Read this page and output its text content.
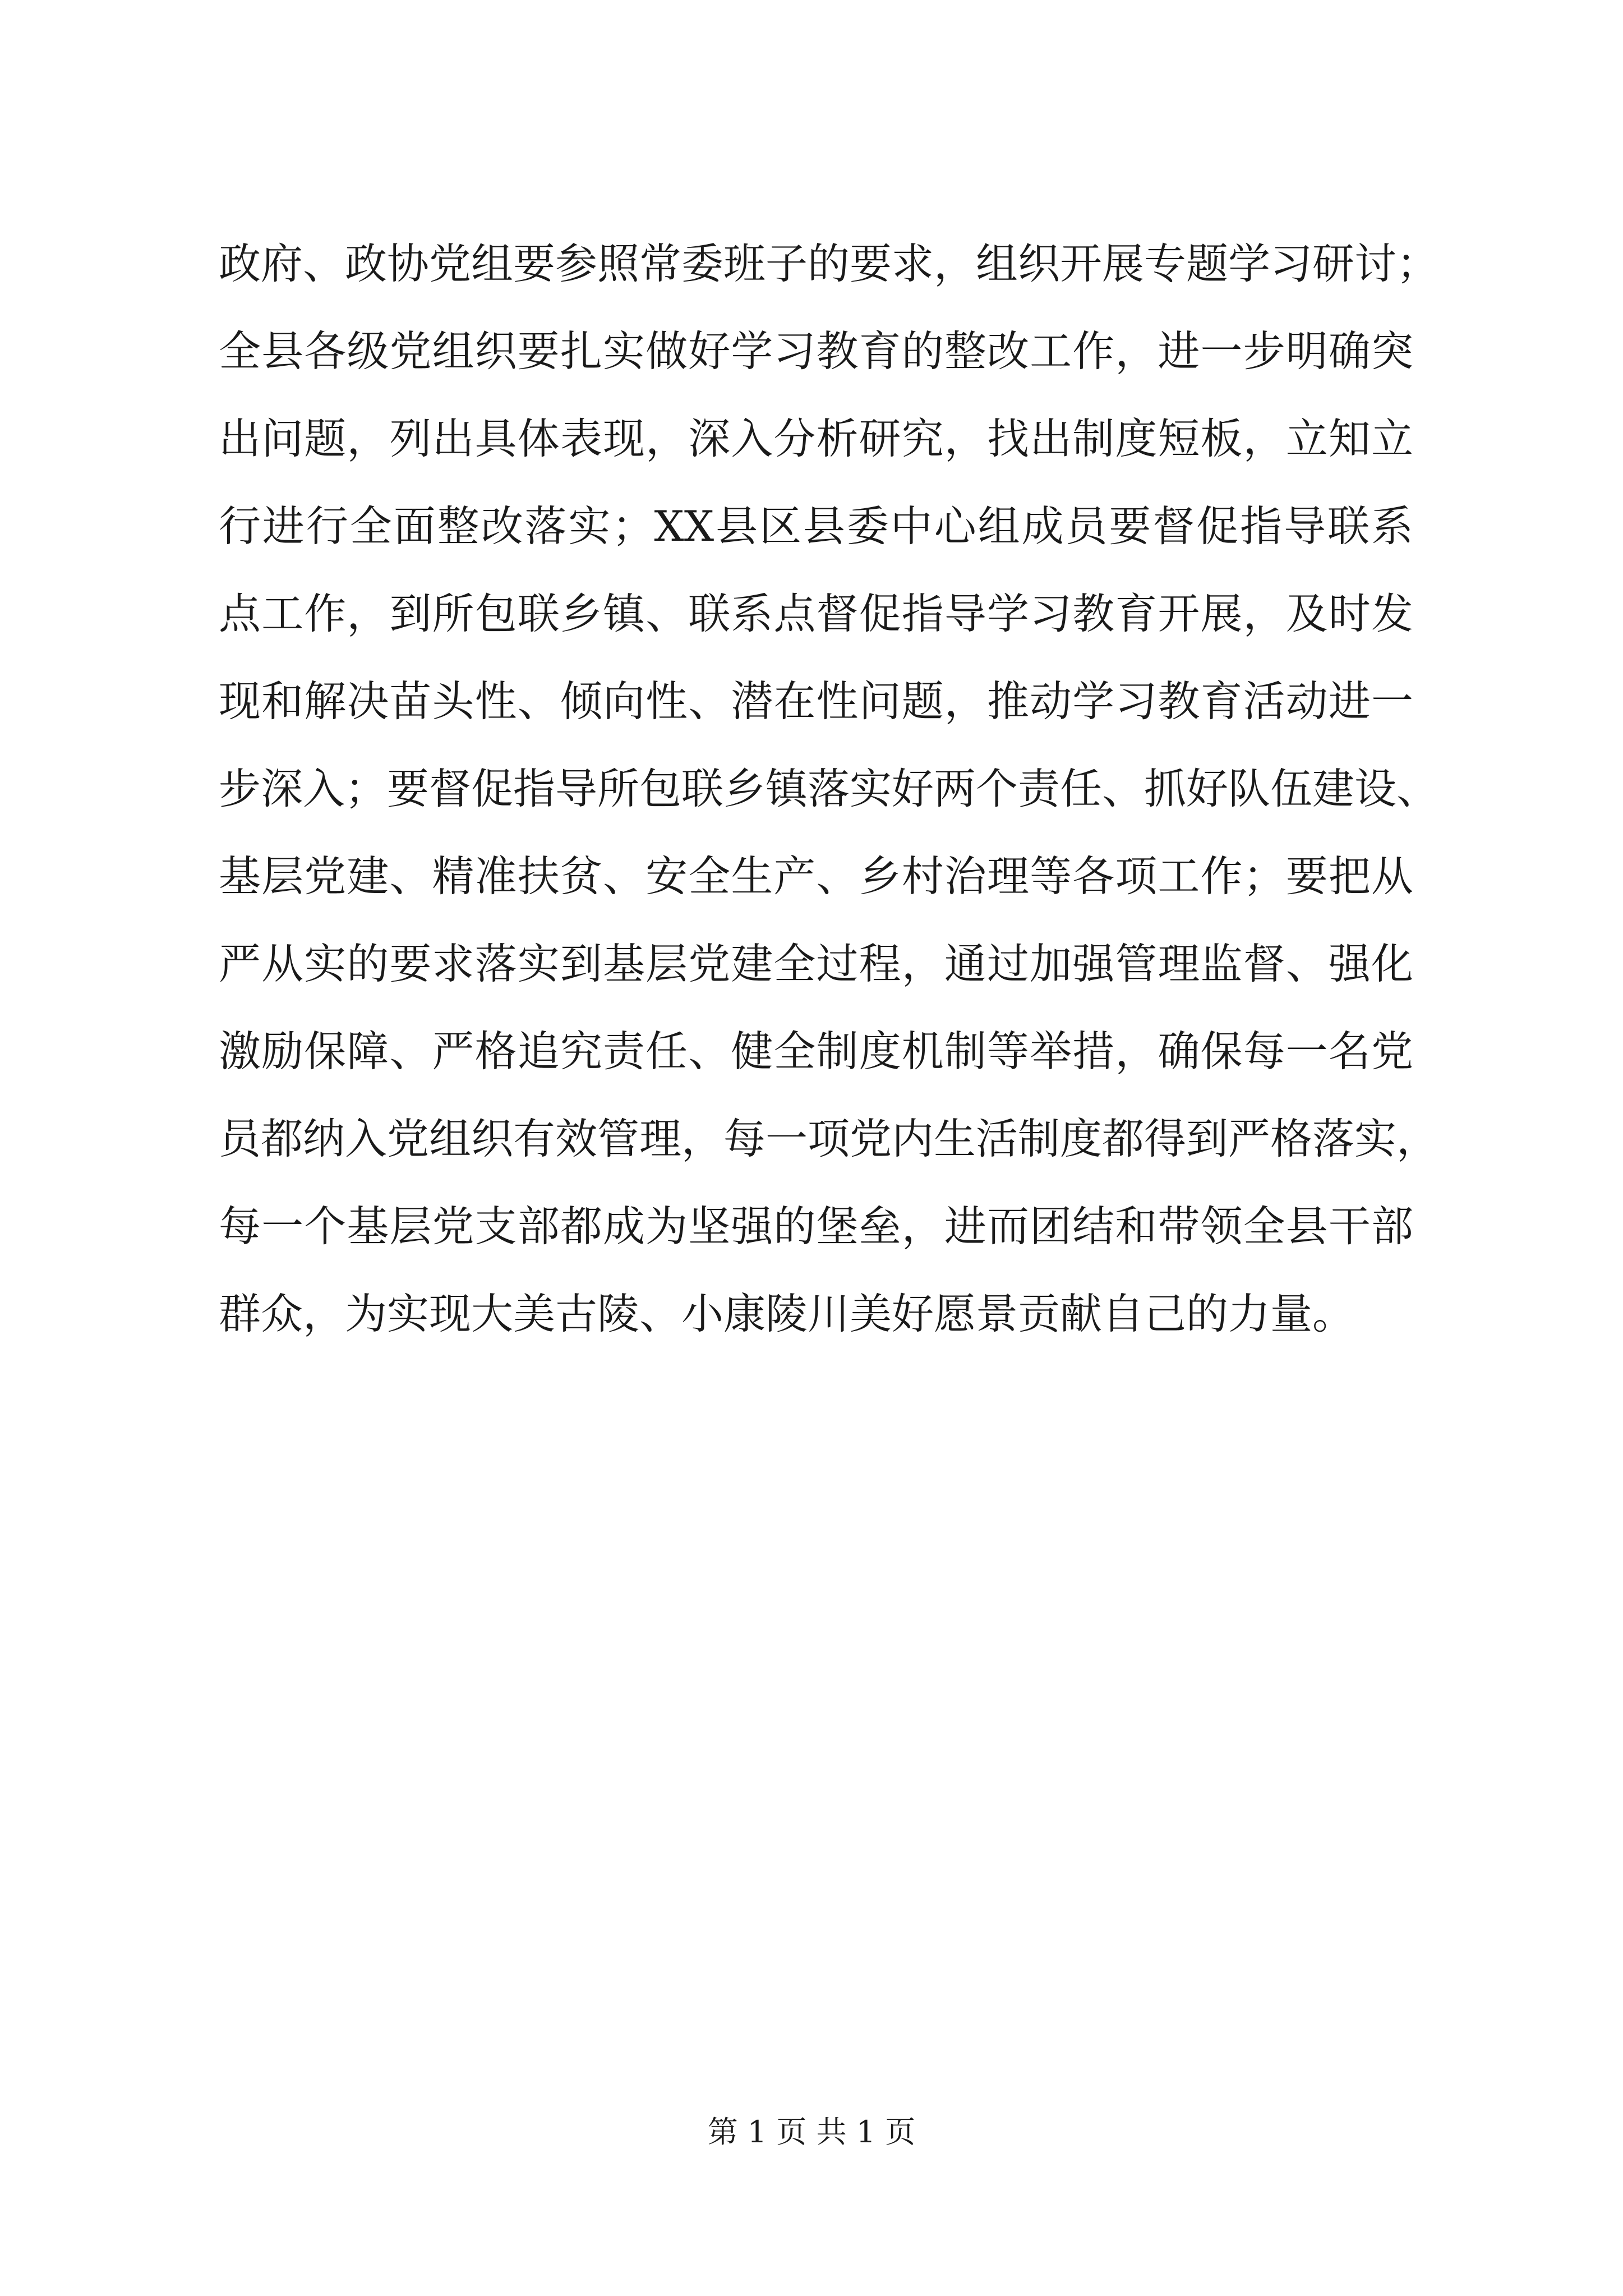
政府、政协党组要参照常委班子的要求，组织开展专题学习研讨；
全县各级党组织要扎实做好学习教育的整改工作，进一步明确突
出问题，列出具体表现，深入分析研究，找出制度短板，立知立
行进行全面整改落实；XX县区县委中心组成员要督促指导联系
点工作，到所包联乡镇、联系点督促指导学习教育开展，及时发
现和解决苗头性、倾向性、潜在性问题，推动学习教育活动进一
步深入；要督促指导所包联乡镇落实好两个责任、抓好队伍建设、
基层党建、精准扶贫、安全生产、乡村治理等各项工作；要把从
严从实的要求落实到基层党建全过程，通过加强管理监督、强化
激励保障、严格追究责任、健全制度机制等举措，确保每一名党
员都纳入党组织有效管理，每一项党内生活制度都得到严格落实，
每一个基层党支部都成为坚强的堡垒，进而团结和带领全县干部
群众，为实现大美古陵、小康陵川美好愿景贡献自己的力量。
第 1 页 共 1 页
